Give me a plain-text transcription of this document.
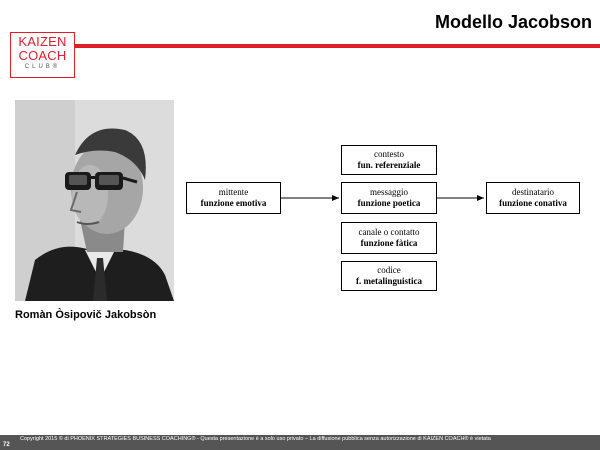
KAIZEN
COACH
CLUB®
Modello Jacobson
Romàn Òsipovič Jakobsòn
mittente
funzione emotiva
contesto
fun. referenziale
messaggio
funzione poetica
canale o contatto
funzione fàtica
codice
f. metalinguistica
destinatario
funzione conativa
Copyright 2015 © di PHOENIX STRATEGIES BUSINESS COACHING® - Questa presentazione è a solo uso privato – La diffusione pubblica senza autorizzazione di KAIZEN COACH® è vietata
72
